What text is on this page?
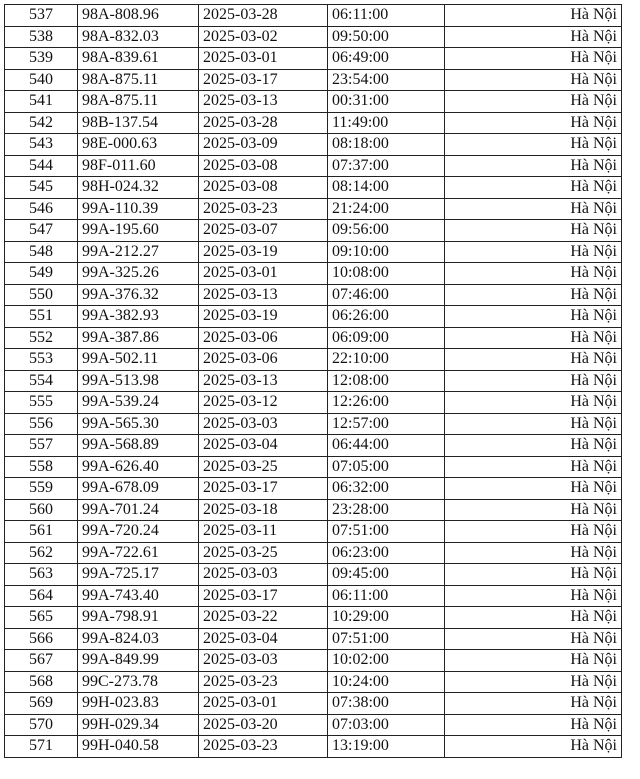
537	98A-808.96	2025-03-28	06:11:00	Hà Nội
538	98A-832.03	2025-03-02	09:50:00	Hà Nội
539	98A-839.61	2025-03-01	06:49:00	Hà Nội
540	98A-875.11	2025-03-17	23:54:00	Hà Nội
541	98A-875.11	2025-03-13	00:31:00	Hà Nội
542	98B-137.54	2025-03-28	11:49:00	Hà Nội
543	98E-000.63	2025-03-09	08:18:00	Hà Nội
544	98F-011.60	2025-03-08	07:37:00	Hà Nội
545	98H-024.32	2025-03-08	08:14:00	Hà Nội
546	99A-110.39	2025-03-23	21:24:00	Hà Nội
547	99A-195.60	2025-03-07	09:56:00	Hà Nội
548	99A-212.27	2025-03-19	09:10:00	Hà Nội
549	99A-325.26	2025-03-01	10:08:00	Hà Nội
550	99A-376.32	2025-03-13	07:46:00	Hà Nội
551	99A-382.93	2025-03-19	06:26:00	Hà Nội
552	99A-387.86	2025-03-06	06:09:00	Hà Nội
553	99A-502.11	2025-03-06	22:10:00	Hà Nội
554	99A-513.98	2025-03-13	12:08:00	Hà Nội
555	99A-539.24	2025-03-12	12:26:00	Hà Nội
556	99A-565.30	2025-03-03	12:57:00	Hà Nội
557	99A-568.89	2025-03-04	06:44:00	Hà Nội
558	99A-626.40	2025-03-25	07:05:00	Hà Nội
559	99A-678.09	2025-03-17	06:32:00	Hà Nội
560	99A-701.24	2025-03-18	23:28:00	Hà Nội
561	99A-720.24	2025-03-11	07:51:00	Hà Nội
562	99A-722.61	2025-03-25	06:23:00	Hà Nội
563	99A-725.17	2025-03-03	09:45:00	Hà Nội
564	99A-743.40	2025-03-17	06:11:00	Hà Nội
565	99A-798.91	2025-03-22	10:29:00	Hà Nội
566	99A-824.03	2025-03-04	07:51:00	Hà Nội
567	99A-849.99	2025-03-03	10:02:00	Hà Nội
568	99C-273.78	2025-03-23	10:24:00	Hà Nội
569	99H-023.83	2025-03-01	07:38:00	Hà Nội
570	99H-029.34	2025-03-20	07:03:00	Hà Nội
571	99H-040.58	2025-03-23	13:19:00	Hà Nội
